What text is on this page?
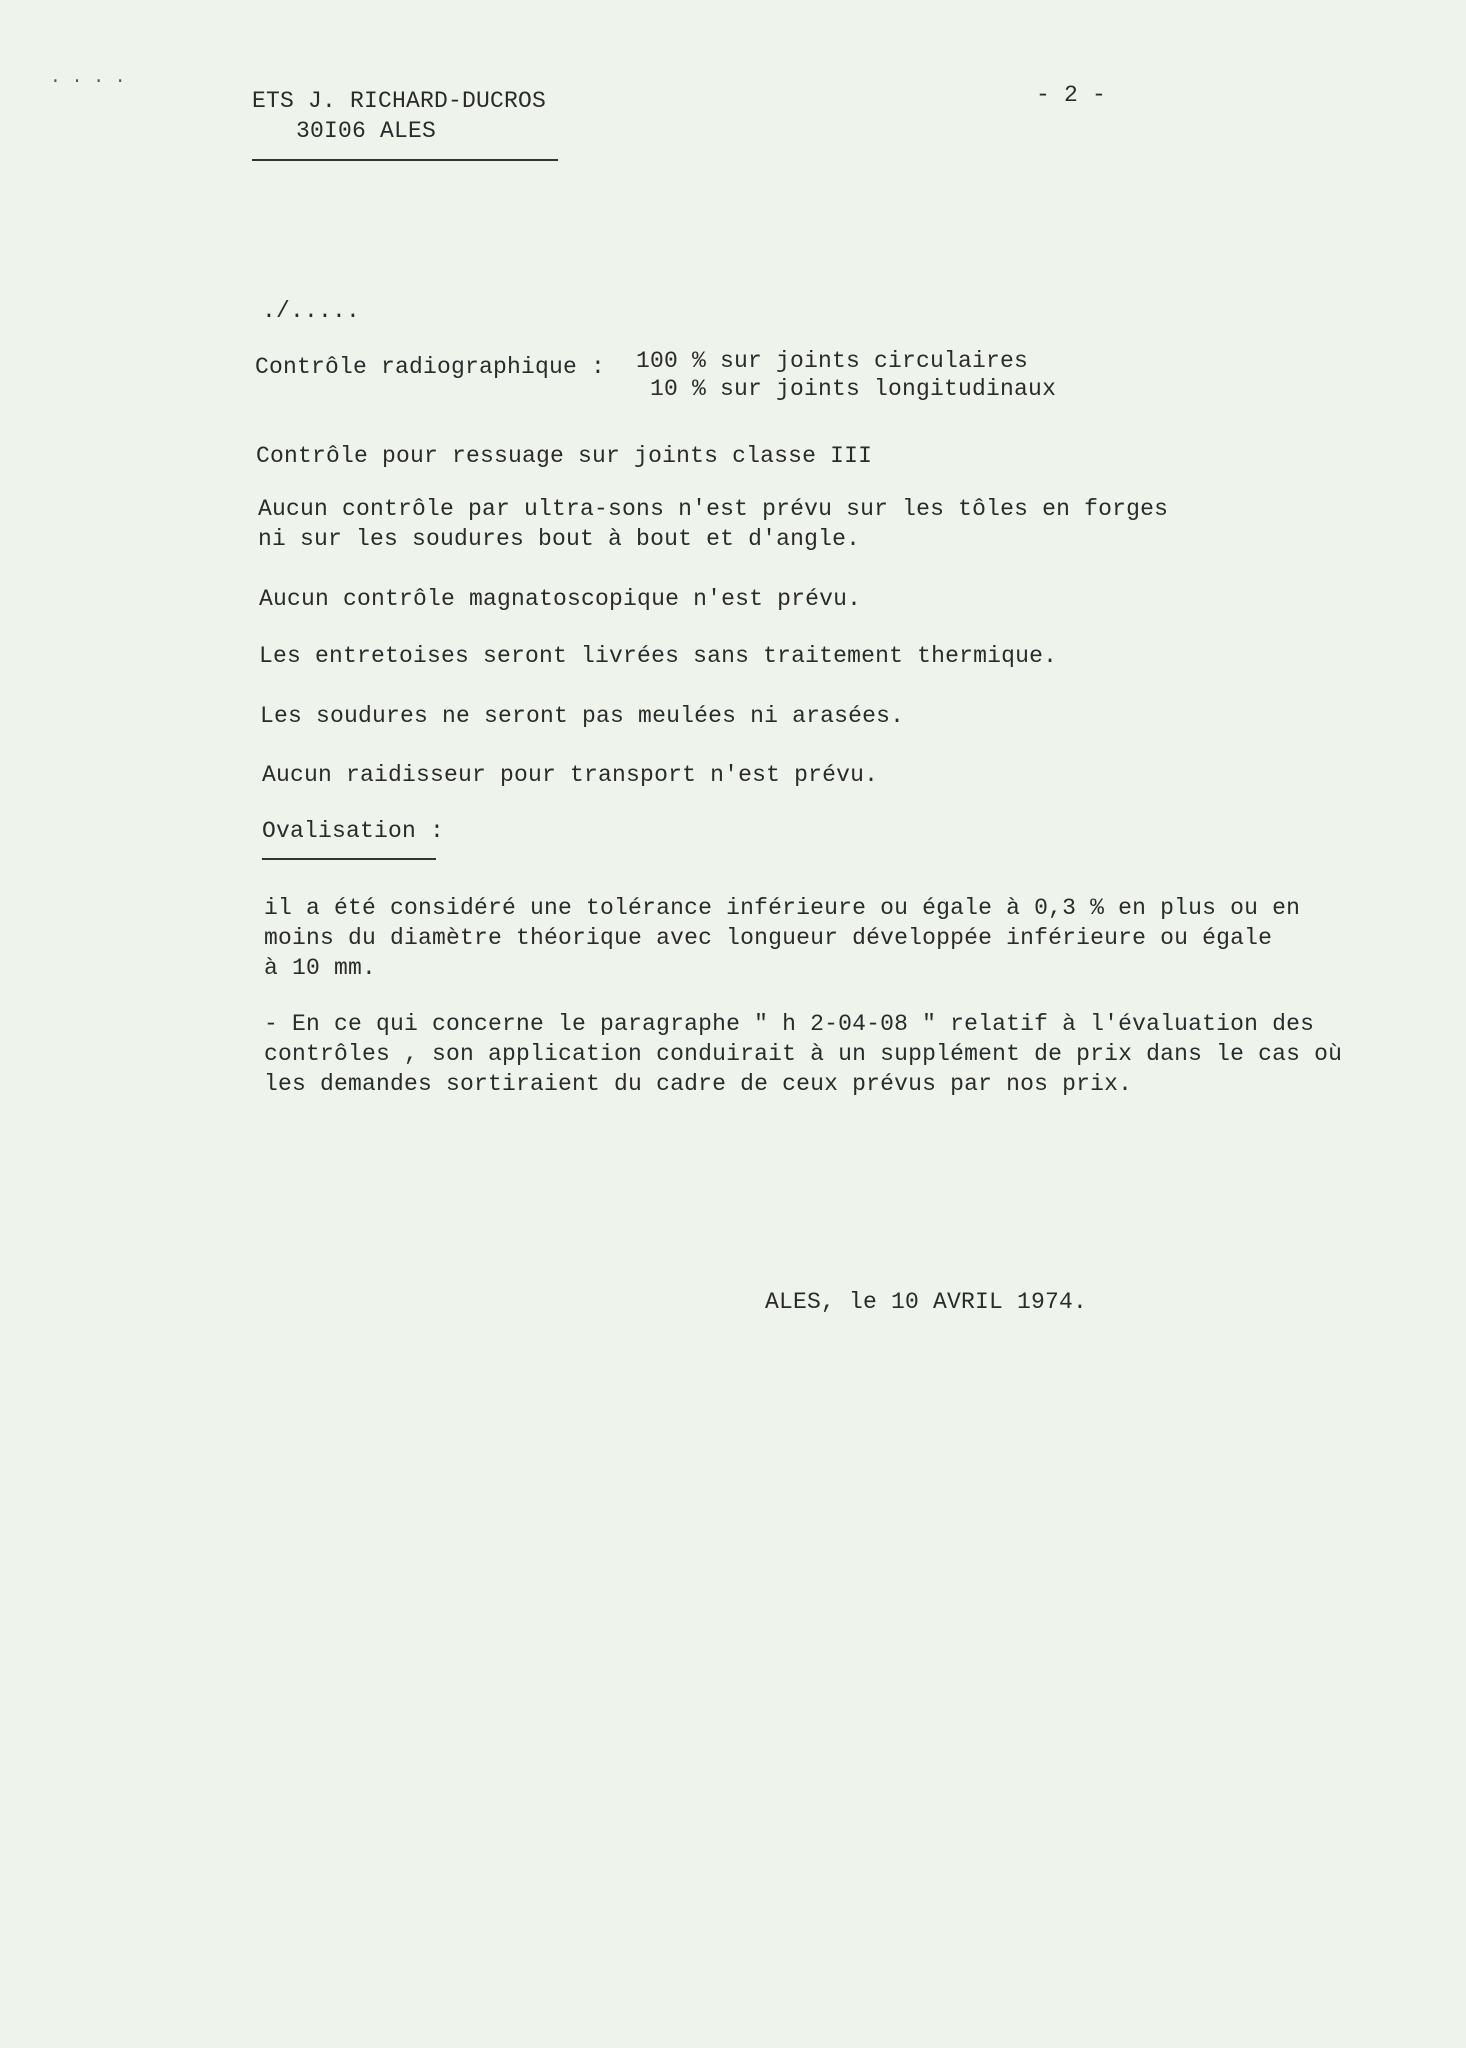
· · · ·
ETS J. RICHARD-DUCROS
30I06 ALES
- 2 -
./.....
Contrôle radiographique : 100 % sur joints circulaires
10 % sur joints longitudinaux
Contrôle pour ressuage sur joints classe III
Aucun contrôle par ultra-sons n'est prévu sur les tôles en forges
ni sur les soudures bout à bout et d'angle.
Aucun contrôle magnatoscopique n'est prévu.
Les entretoises seront livrées sans traitement thermique.
Les soudures ne seront pas meulées ni arasées.
Aucun raidisseur pour transport n'est prévu.
Ovalisation :
il a été considéré une tolérance inférieure ou égale à 0,3 % en plus ou en
moins du diamètre théorique avec longueur développée inférieure ou égale
à 10 mm.
- En ce qui concerne le paragraphe " h 2-04-08 " relatif à l'évaluation des
contrôles , son application conduirait à un supplément de prix dans le cas où
les demandes sortiraient du cadre de ceux prévus par nos prix.
ALES, le 10 AVRIL 1974.
